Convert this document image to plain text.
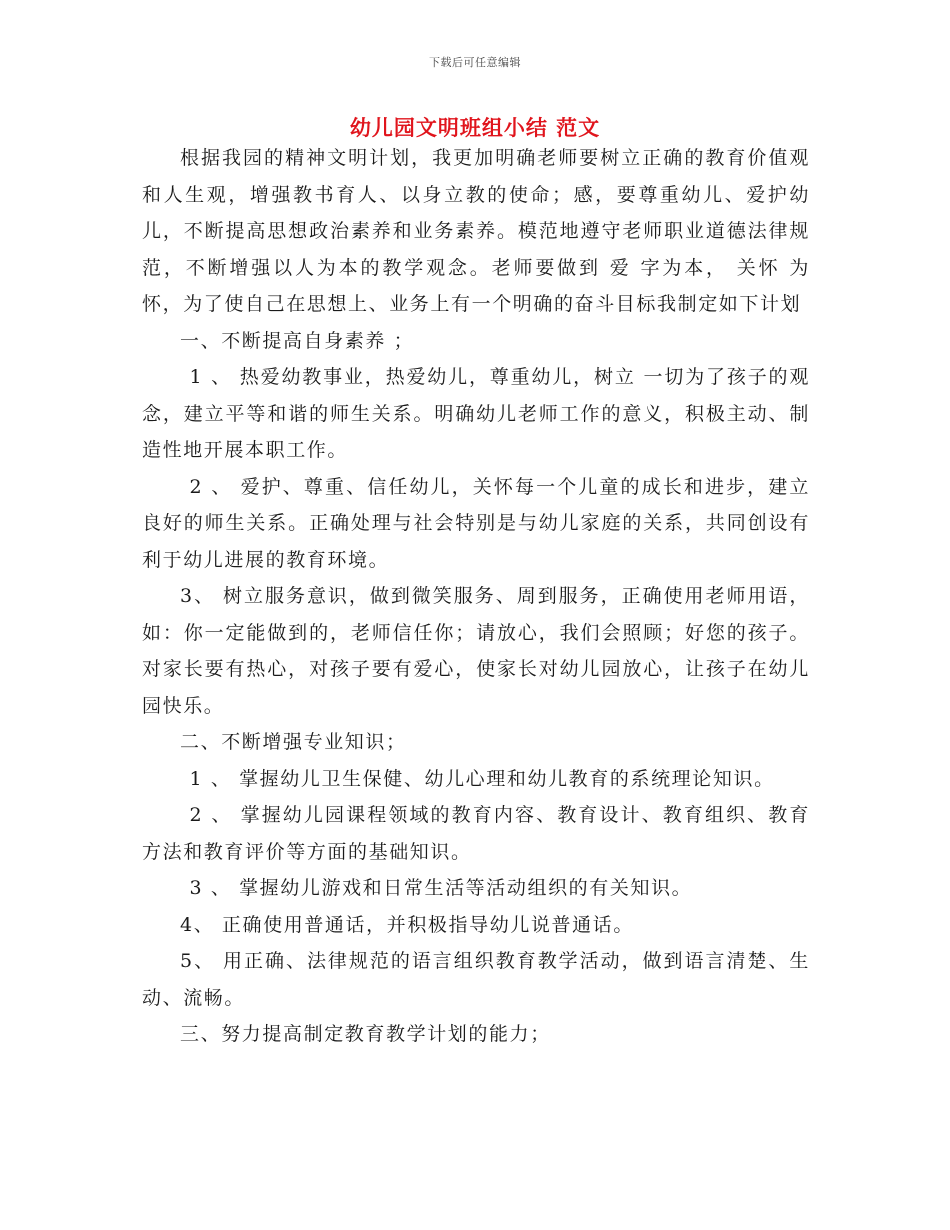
下载后可任意编辑
幼儿园文明班组小结 范文

根据我园的精神文明计划，我更加明确老师要树立正确的教育价值观和人生观，增强教书育人、以身立教的使命；感，要尊重幼儿、爱护幼儿，不断提高思想政治素养和业务素养。模范地遵守老师职业道德法律规范，不断增强以人为本的教学观念。老师要做到 爱 字为本， 关怀 为怀，为了使自己在思想上、业务上有一个明确的奋斗目标我制定如下计划

一、不断提高自身素养 ；

1 、 热爱幼教事业，热爱幼儿，尊重幼儿，树立 一切为了孩子的观念，建立平等和谐的师生关系。明确幼儿老师工作的意义，积极主动、制造性地开展本职工作。

2 、 爱护、尊重、信任幼儿，关怀每一个儿童的成长和进步，建立良好的师生关系。正确处理与社会特别是与幼儿家庭的关系，共同创设有利于幼儿进展的教育环境。

3、 树立服务意识，做到微笑服务、周到服务，正确使用老师用语，如：你一定能做到的，老师信任你；请放心，我们会照顾；好您的孩子。对家长要有热心，对孩子要有爱心，使家长对幼儿园放心，让孩子在幼儿园快乐。

二、不断增强专业知识；

1 、 掌握幼儿卫生保健、幼儿心理和幼儿教育的系统理论知识。

2 、 掌握幼儿园课程领域的教育内容、教育设计、教育组织、教育方法和教育评价等方面的基础知识。

3 、 掌握幼儿游戏和日常生活等活动组织的有关知识。

4、 正确使用普通话，并积极指导幼儿说普通话。

5、 用正确、法律规范的语言组织教育教学活动，做到语言清楚、生动、流畅。

三、努力提高制定教育教学计划的能力；
